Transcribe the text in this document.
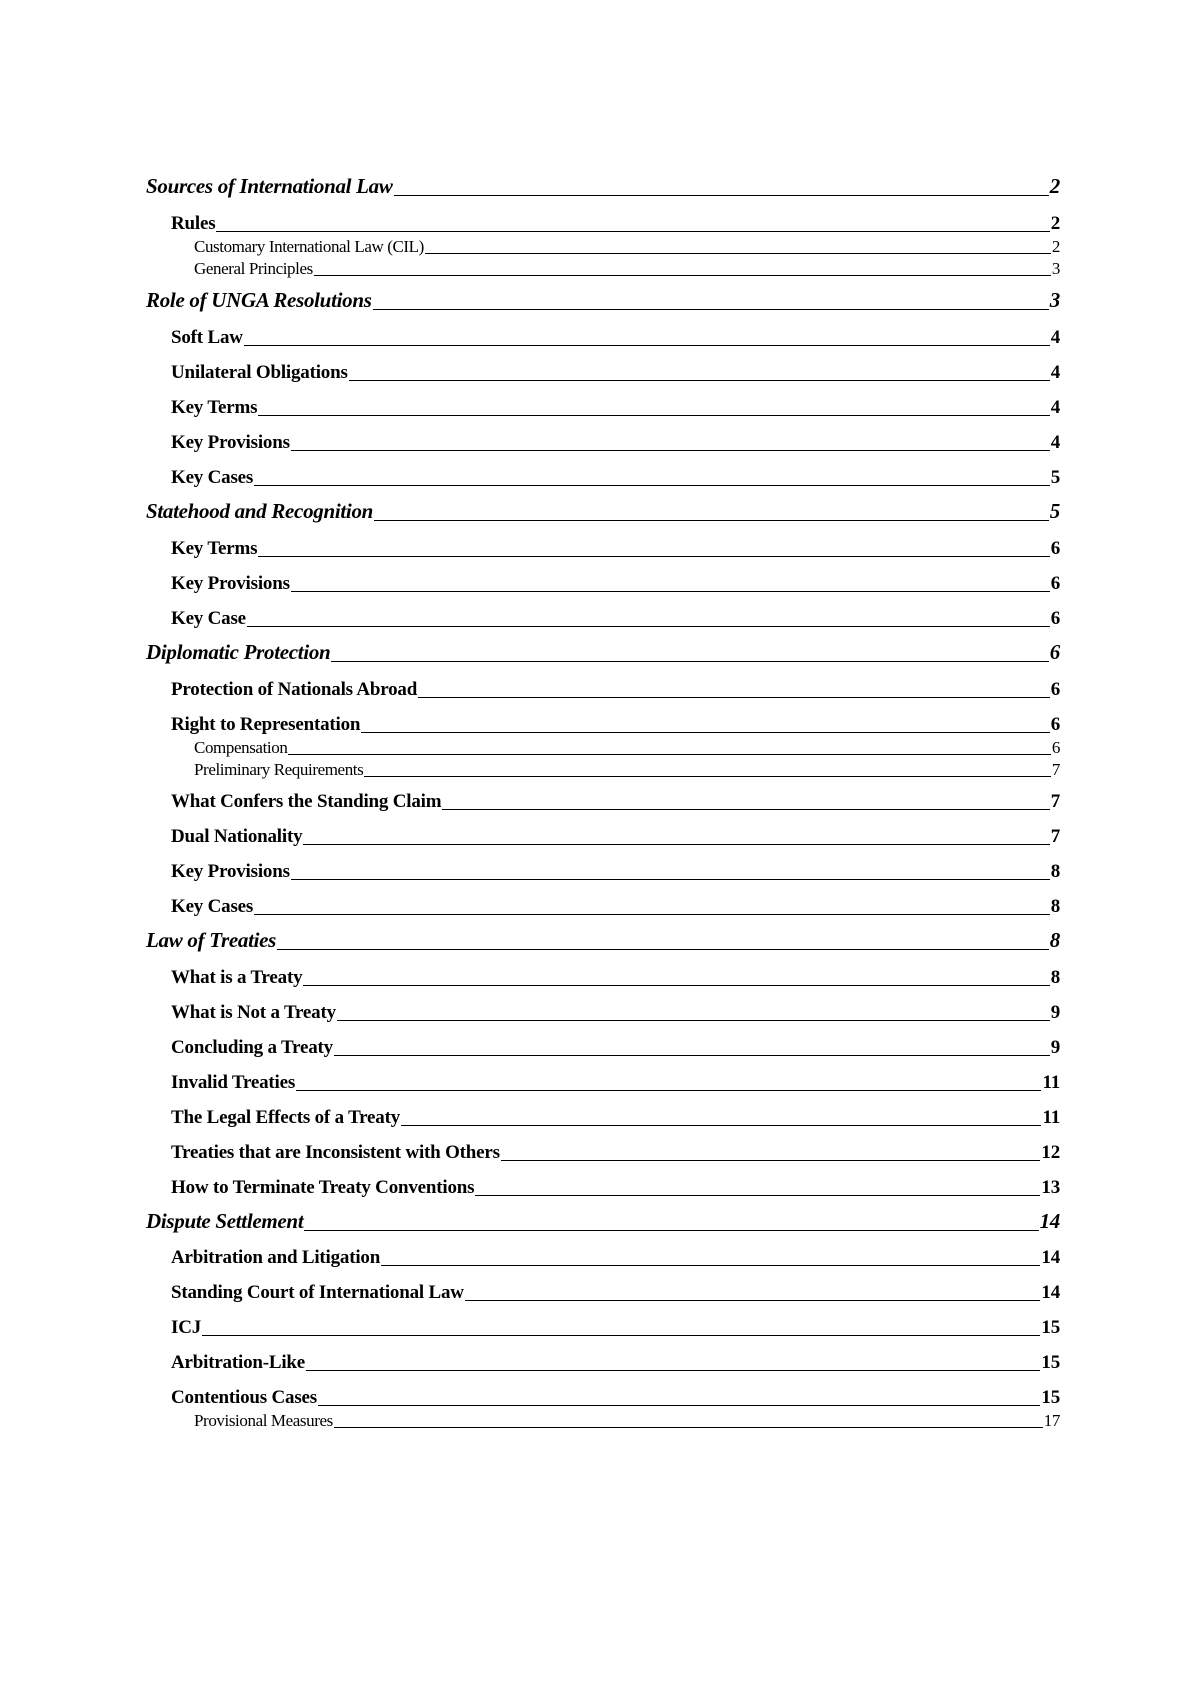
Sources of International Law	2
Rules	2
Customary International Law (CIL)	2
General Principles	3
Role of UNGA Resolutions	3
Soft Law	4
Unilateral Obligations	4
Key Terms	4
Key Provisions	4
Key Cases	5
Statehood and Recognition	5
Key Terms	6
Key Provisions	6
Key Case	6
Diplomatic Protection	6
Protection of Nationals Abroad	6
Right to Representation	6
Compensation	6
Preliminary Requirements	7
What Confers the Standing Claim	7
Dual Nationality	7
Key Provisions	8
Key Cases	8
Law of Treaties	8
What is a Treaty	8
What is Not a Treaty	9
Concluding a Treaty	9
Invalid Treaties	11
The Legal Effects of a Treaty	11
Treaties that are Inconsistent with Others	12
How to Terminate Treaty Conventions	13
Dispute Settlement	14
Arbitration and Litigation	14
Standing Court of International Law	14
ICJ	15
Arbitration-Like	15
Contentious Cases	15
Provisional Measures	17
